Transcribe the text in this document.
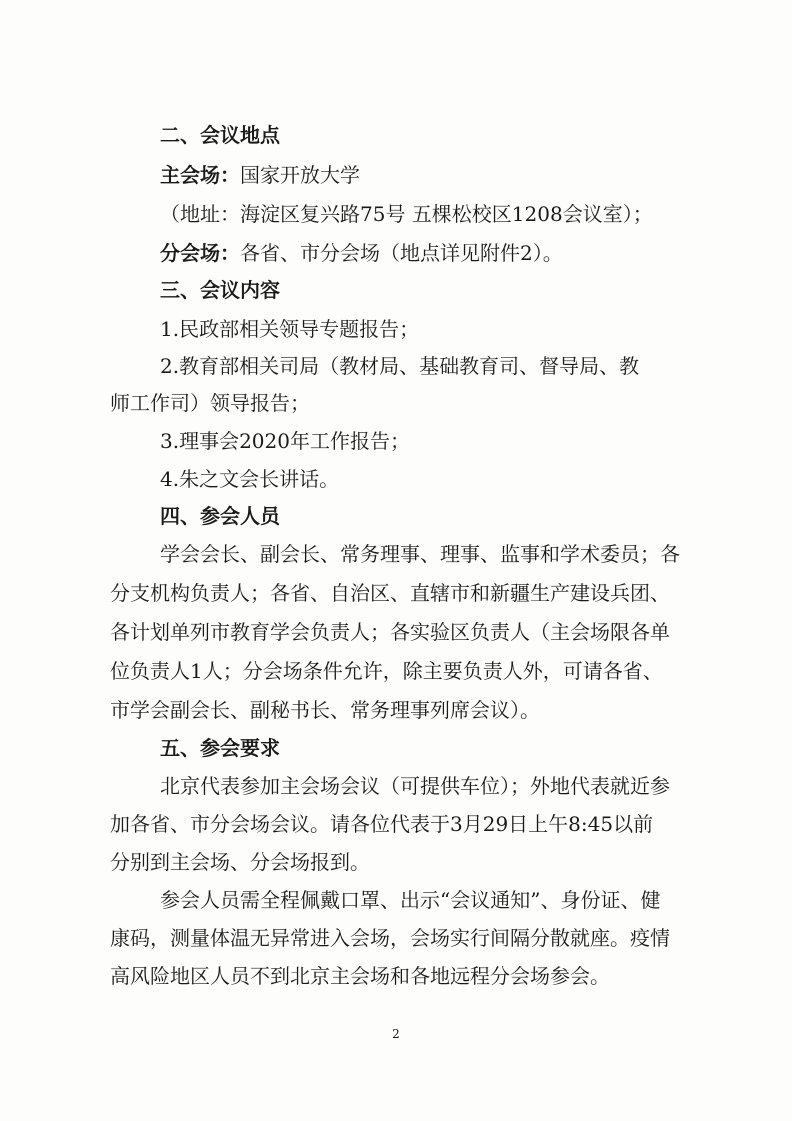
二、会议地点

主会场：国家开放大学

（地址：海淀区复兴路75号 五棵松校区1208会议室）；

分会场：各省、市分会场（地点详见附件2）。

三、会议内容

1.民政部相关领导专题报告；

2.教育部相关司局（教材局、基础教育司、督导局、教

师工作司）领导报告；

3.理事会2020年工作报告；

4.朱之文会长讲话。

四、参会人员

学会会长、副会长、常务理事、理事、监事和学术委员；各

分支机构负责人；各省、自治区、直辖市和新疆生产建设兵团、

各计划单列市教育学会负责人；各实验区负责人（主会场限各单

位负责人1人；分会场条件允许，除主要负责人外，可请各省、

市学会副会长、副秘书长、常务理事列席会议）。

五、参会要求

北京代表参加主会场会议（可提供车位）；外地代表就近参

加各省、市分会场会议。请各位代表于3月29日上午8:45以前

分别到主会场、分会场报到。

参会人员需全程佩戴口罩、出示“会议通知”、身份证、健

康码，测量体温无异常进入会场，会场实行间隔分散就座。疫情

高风险地区人员不到北京主会场和各地远程分会场参会。

2
